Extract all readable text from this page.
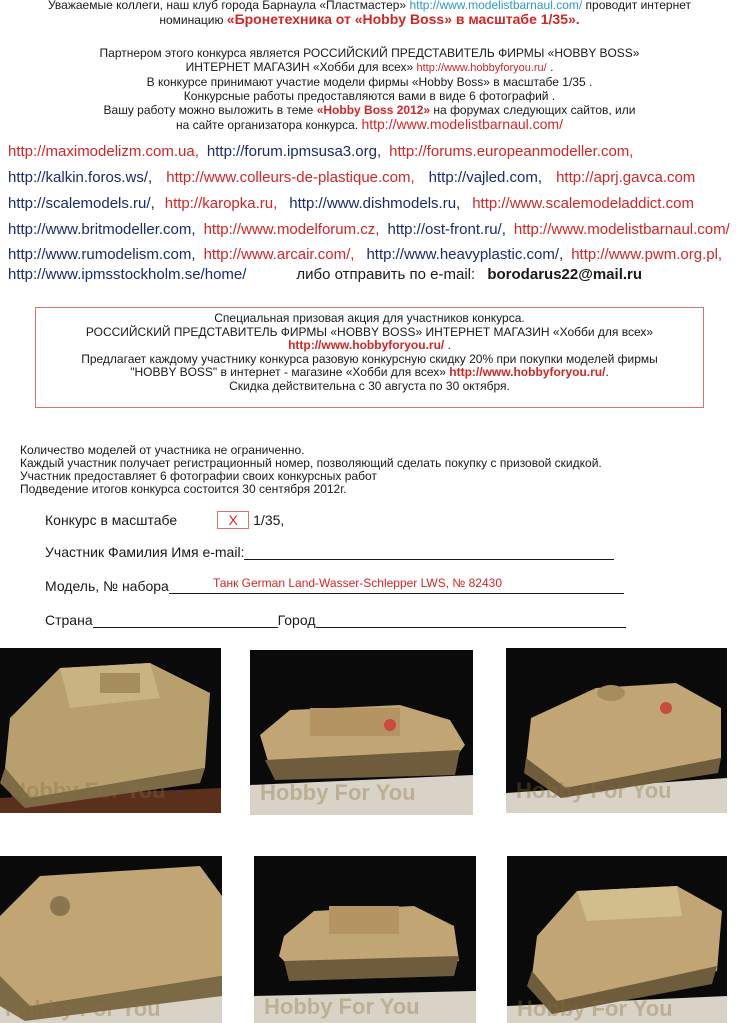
Уважаемые коллеги, наш клуб города Барнаула «Пластмастер» http://www.modelistbarnaul.com/ проводит интернет
номинацию «Бронетехника от «Hobby Boss» в масштабе 1/35».
Партнером этого конкурса является РОССИЙСКИЙ ПРЕДСТАВИТЕЛЬ ФИРМЫ «HOBBY BOSS»
ИНТЕРНЕТ МАГАЗИН «Хобби для всех» http://www.hobbyforyou.ru/ .
В конкурсе принимают участие модели фирмы «Hobby Boss» в масштабе 1/35 .
Конкурсные работы предоставляются вами в виде 6 фотографий .
Вашу работу можно выложить в теме «Hobby Boss 2012» на форумах следующих сайтов, или
на сайте организатора конкурса. http://www.modelistbarnaul.com/
http://maximodelizm.com.ua, http://forum.ipmsusa3.org, http://forums.europeanmodeller.com,
http://kalkin.foros.ws/, http://www.colleurs-de-plastique.com, http://vajled.com, http://aprj.gavca.com
http://scalemodels.ru/, http://karopka.ru, http://www.dishmodels.ru, http://www.scalemodeladdict.com
http://www.britmodeller.com, http://www.modelforum.cz, http://ost-front.ru/, http://www.modelistbarnaul.com/
http://www.rumodelism.com, http://www.arcair.com/, http://www.heavyplastic.com/, http://www.pwm.org.pl,
http://www.ipmsstockholm.se/home/	либо отправить по e-mail: borodarus22@mail.ru
Специальная призовая акция для участников конкурса.
РОССИЙСКИЙ ПРЕДСТАВИТЕЛЬ ФИРМЫ «HOBBY BOSS» ИНТЕРНЕТ МАГАЗИН «Хобби для всех»
http://www.hobbyforyou.ru/ .
Предлагает каждому участнику конкурса разовую конкурсную скидку 20% при покупки моделей фирмы
"HOBBY BOSS" в интернет - магазине «Хобби для всех» http://www.hobbyforyou.ru/.
Скидка действительна с 30 августа по 30 октября.
Количество моделей от участника не ограниченно.
Каждый участник получает регистрационный номер, позволяющий сделать покупку с призовой скидкой.
Участник предоставляет 6 фотографии своих конкурсных работ
Подведение итогов конкурса состоится 30 сентября 2012г.
Конкурс в масштабе	X 1/35,
Участник Фамилия Имя e-mail:
Модель, № набора	Танк German Land-Wasser-Schlepper LWS, № 82430
Страна	Город
Hobby For You	Hobby For You	Hobby For You
Hobby For You	Hobby For You	Hobby For You
